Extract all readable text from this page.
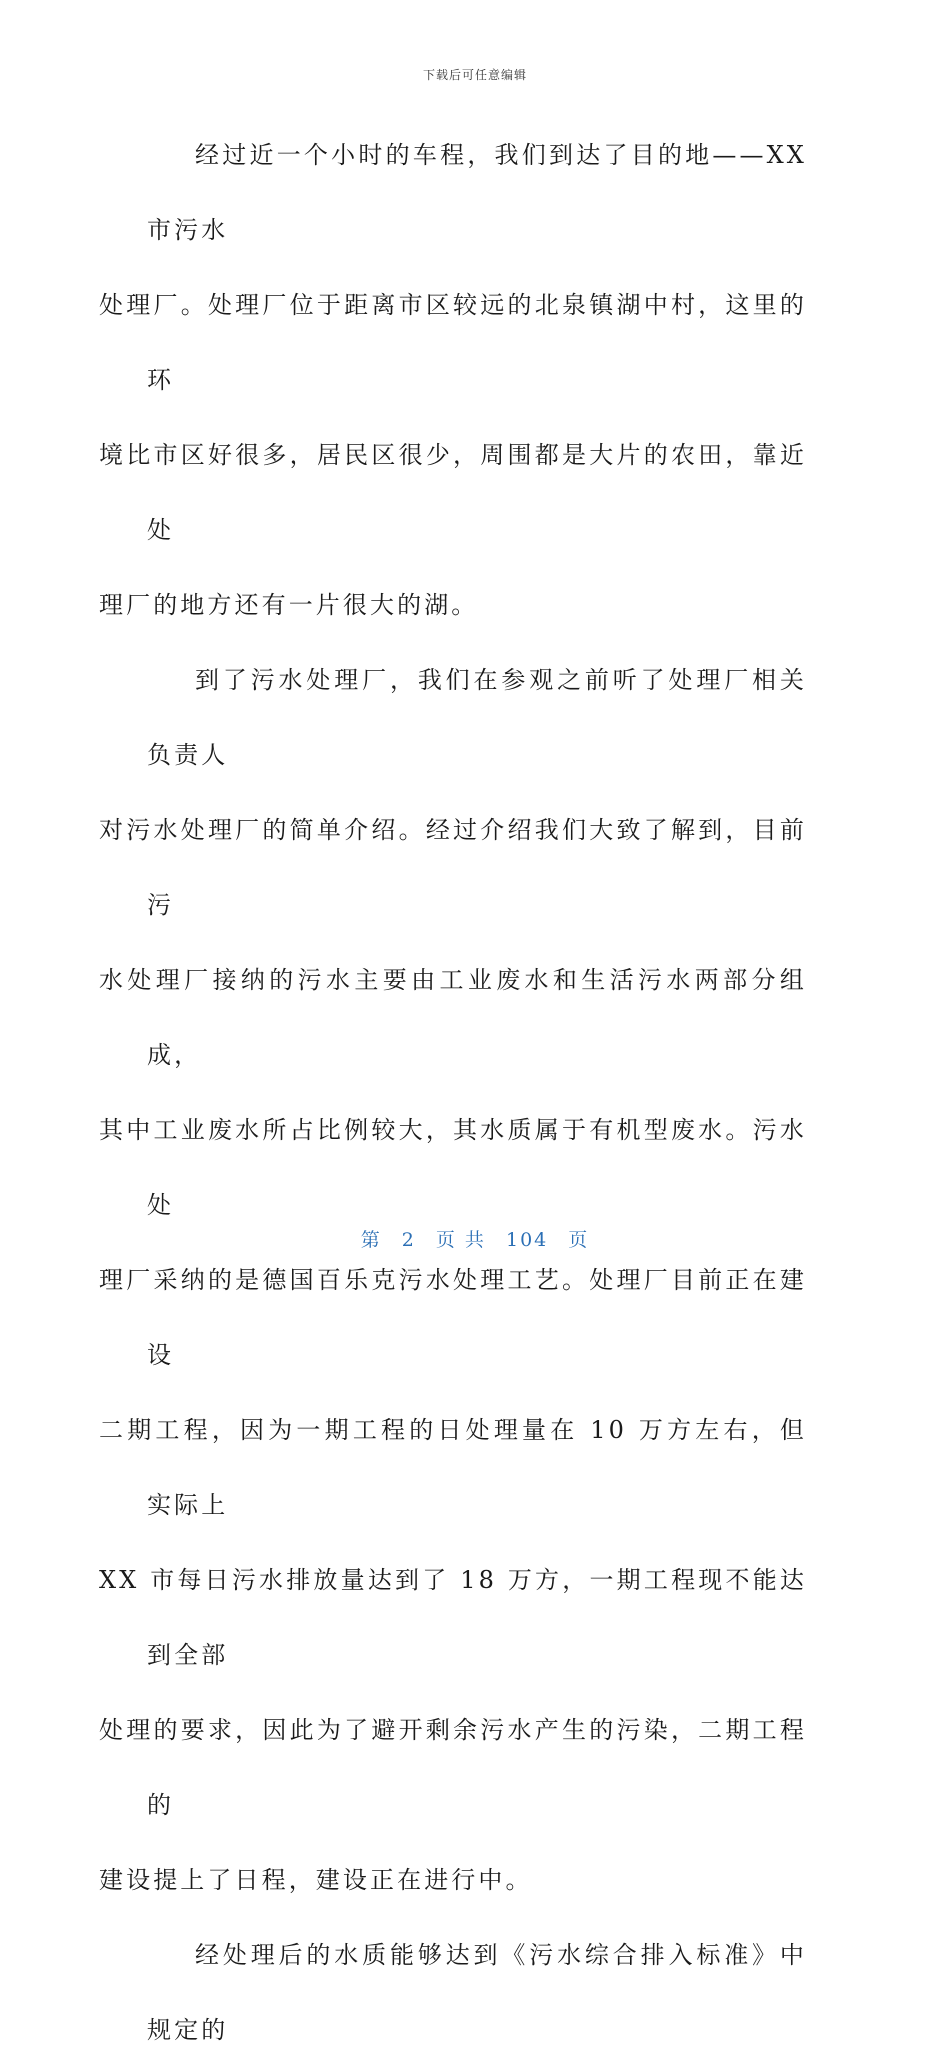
下载后可任意编辑

经过近一个小时的车程，我们到达了目的地——XX 市污水
处理厂。处理厂位于距离市区较远的北泉镇湖中村，这里的环
境比市区好很多，居民区很少，周围都是大片的农田，靠近处
理厂的地方还有一片很大的湖。

到了污水处理厂，我们在参观之前听了处理厂相关负责人
对污水处理厂的简单介绍。经过介绍我们大致了解到，目前污
水处理厂接纳的污水主要由工业废水和生活污水两部分组成，
其中工业废水所占比例较大，其水质属于有机型废水。污水处
理厂采纳的是德国百乐克污水处理工艺。处理厂目前正在建设
二期工程，因为一期工程的日处理量在 10 万方左右，但实际上
XX 市每日污水排放量达到了 18 万方，一期工程现不能达到全部
处理的要求，因此为了避开剩余污水产生的污染，二期工程的
建设提上了日程，建设正在进行中。

经处理后的水质能够达到《污水综合排入标准》中规定的

第 2 页 共 104 页
